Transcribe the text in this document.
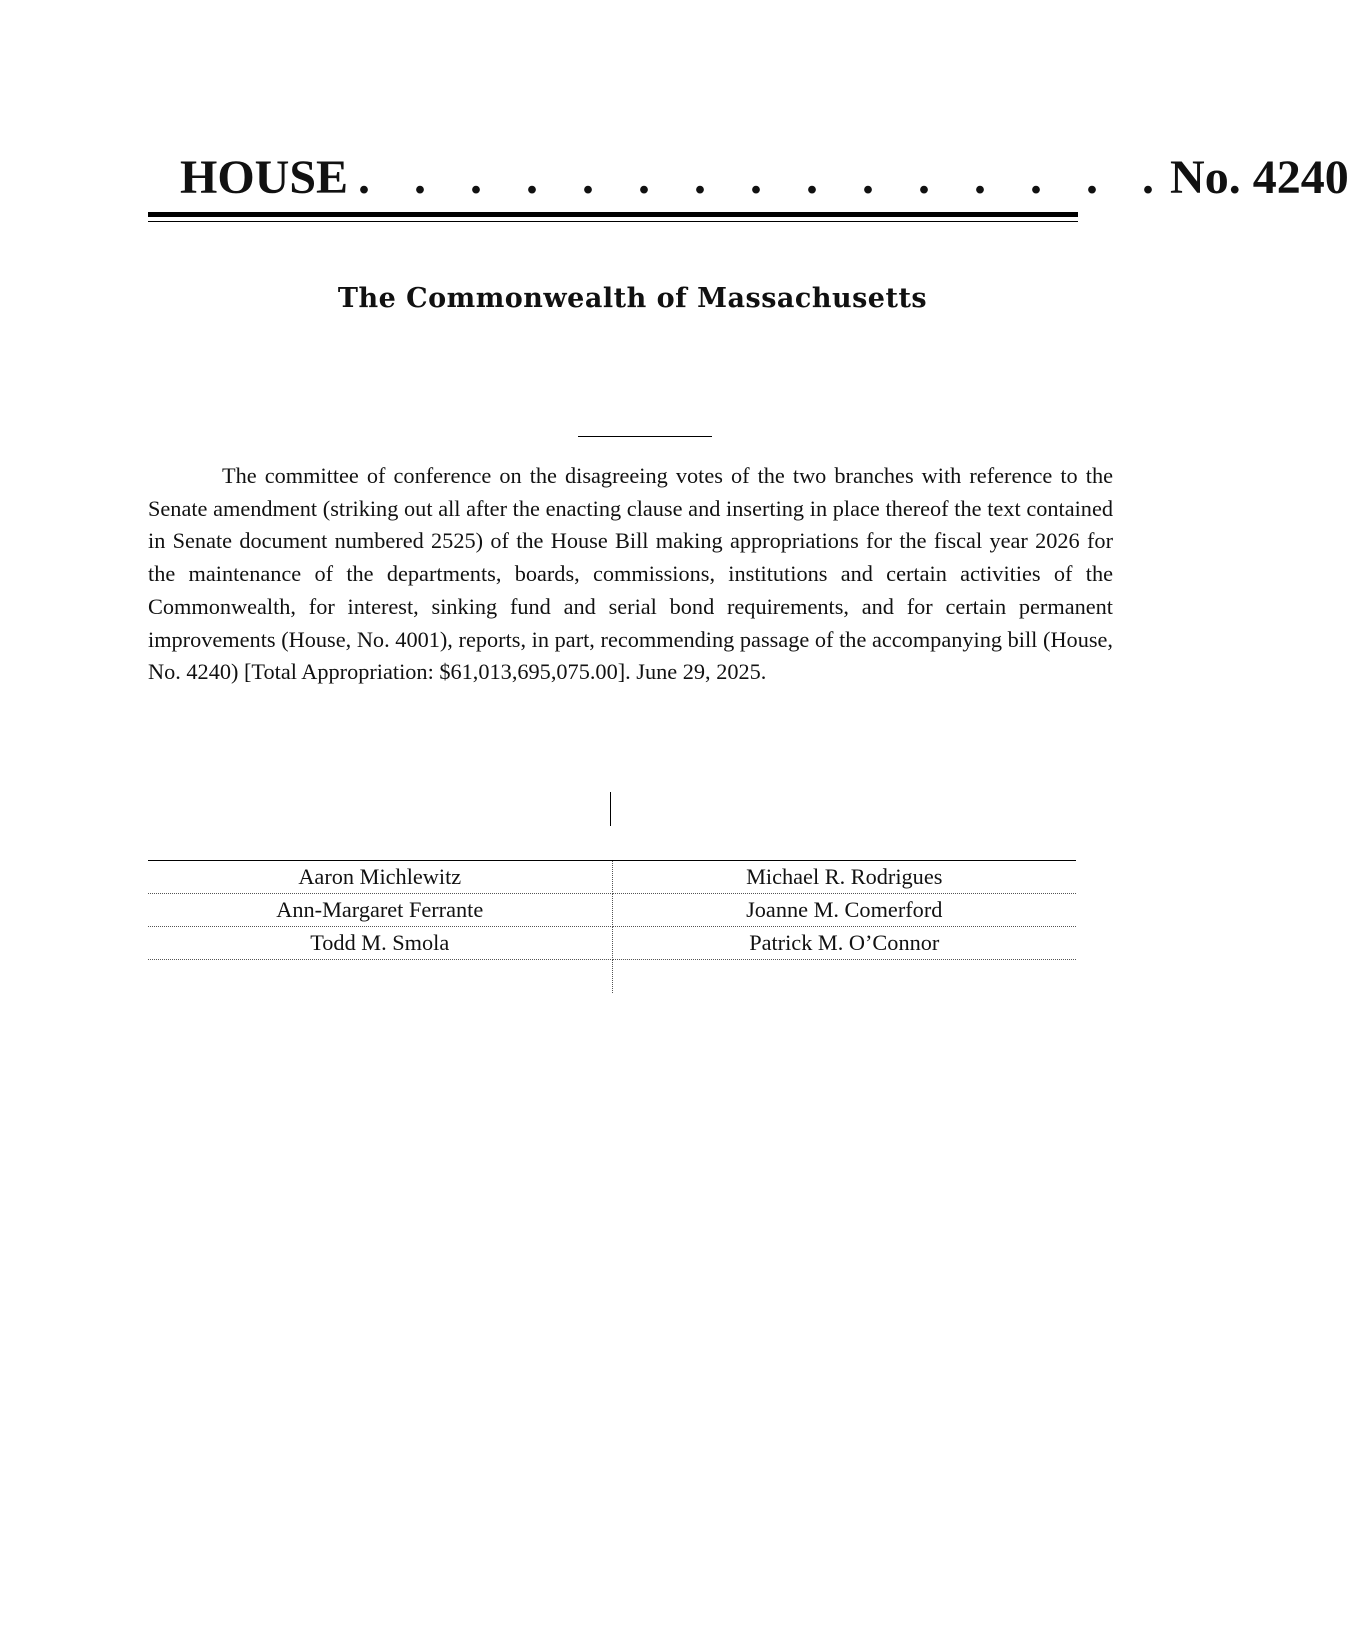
HOUSE . . . . . . . . . . . . . . . No. 4240
The Commonwealth of Massachusetts
The committee of conference on the disagreeing votes of the two branches with reference to the Senate amendment (striking out all after the enacting clause and inserting in place thereof the text contained in Senate document numbered 2525) of the House Bill making appropriations for the fiscal year 2026 for the maintenance of the departments, boards, commissions, institutions and certain activities of the Commonwealth, for interest, sinking fund and serial bond requirements, and for certain permanent improvements (House, No. 4001), reports, in part, recommending passage of the accompanying bill (House, No. 4240) [Total Appropriation: $61,013,695,075.00]. June 29, 2025.
Aaron Michlewitz	Michael R. Rodrigues
Ann-Margaret Ferrante	Joanne M. Comerford
Todd M. Smola	Patrick M. O’Connor
